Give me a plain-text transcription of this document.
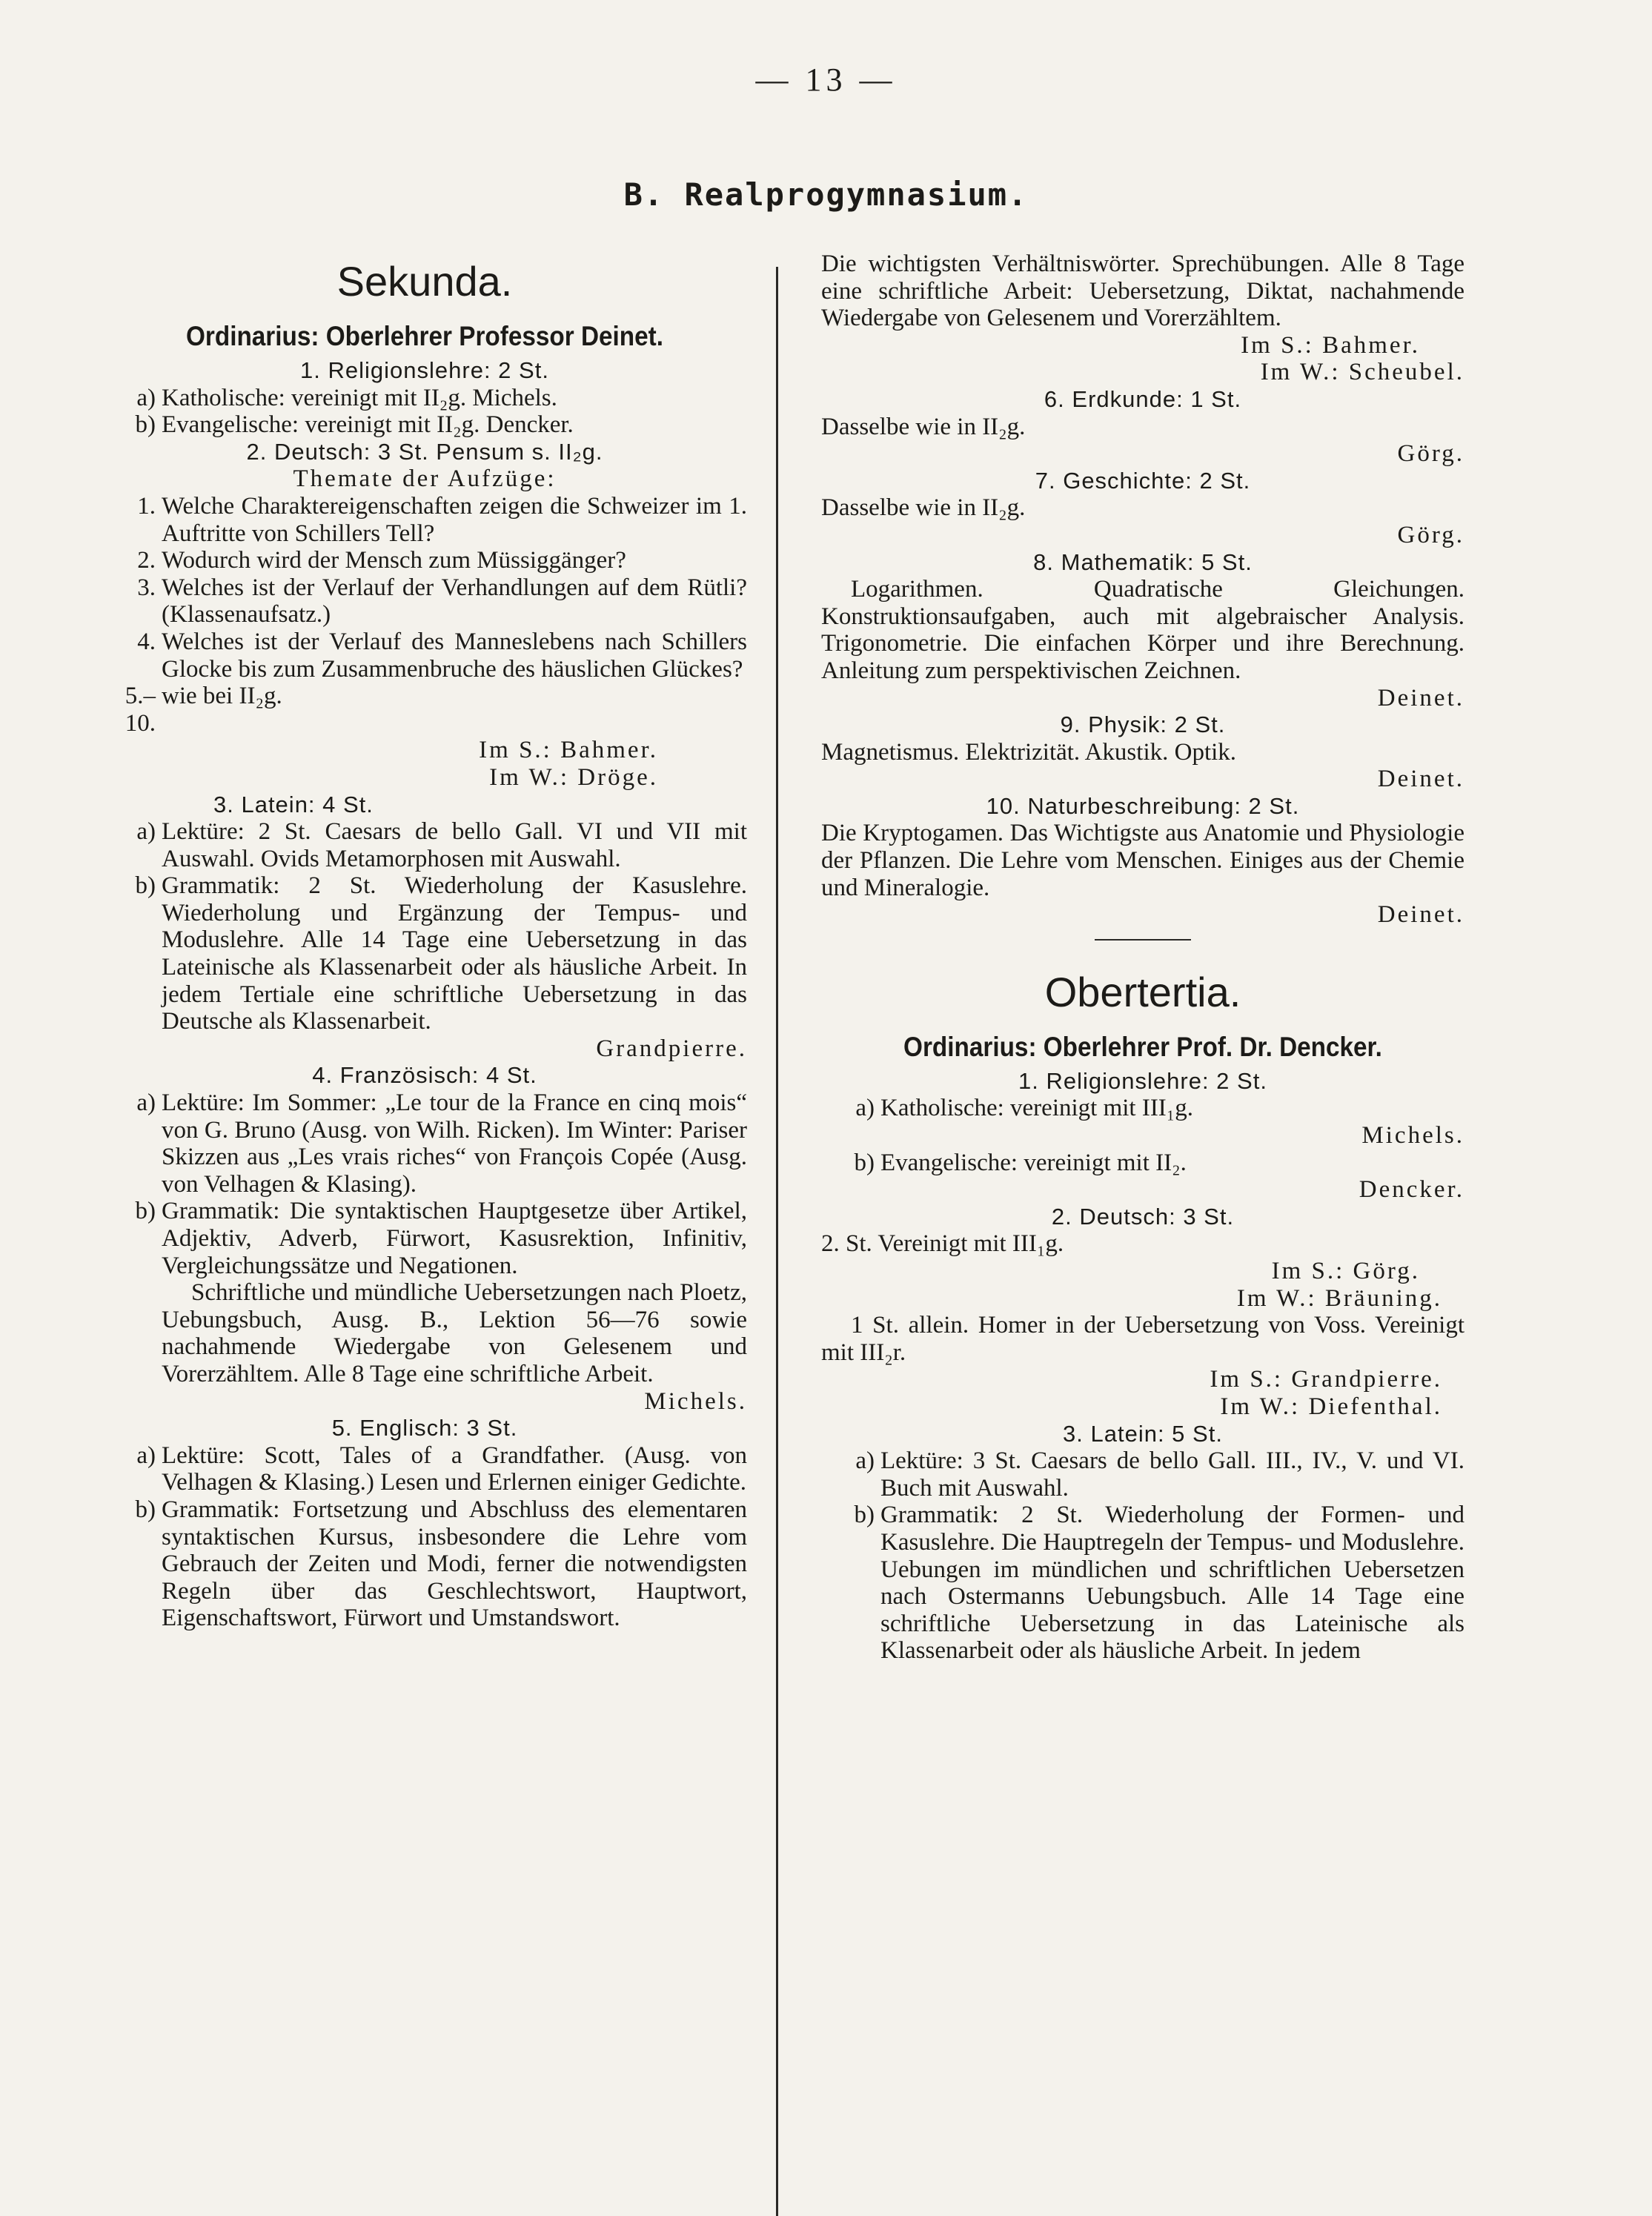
— 13 —
B. Realprogymnasium.
Sekunda.
Ordinarius: Oberlehrer Professor Deinet.
1. Religionslehre: 2 St.
a) Katholische: vereinigt mit II₂g. Michels.
b) Evangelische: vereinigt mit II₂g. Dencker.
2. Deutsch: 3 St. Pensum s. II₂g.
Themate der Aufzüge:
1. Welche Charaktereigenschaften zeigen die Schweizer im 1. Auftritte von Schillers Tell?
2. Wodurch wird der Mensch zum Müssiggänger?
3. Welches ist der Verlauf der Verhandlungen auf dem Rütli? (Klassenaufsatz.)
4. Welches ist der Verlauf des Manneslebens nach Schillers Glocke bis zum Zusammenbruche des häuslichen Glückes?
5.–10.
wie bei II₂g.
Im S.: Bahmer.
Im W.: Dröge.
3. Latein: 4 St.
a) Lektüre: 2 St. Caesars de bello Gall. VI und VII mit Auswahl. Ovids Metamorphosen mit Auswahl.
b) Grammatik: 2 St. Wiederholung der Kasuslehre. Wiederholung und Ergänzung der Tempus- und Moduslehre. Alle 14 Tage eine Uebersetzung in das Lateinische als Klassenarbeit oder als häusliche Arbeit. In jedem Tertiale eine schriftliche Uebersetzung in das Deutsche als Klassenarbeit.
Grandpierre.
4. Französisch: 4 St.
a) Lektüre: Im Sommer: „Le tour de la France en cinq mois“ von G. Bruno (Ausg. von Wilh. Ricken). Im Winter: Pariser Skizzen aus „Les vrais riches“ von François Copée (Ausg. von Velhagen & Klasing).
b) Grammatik: Die syntaktischen Hauptgesetze über Artikel, Adjektiv, Adverb, Fürwort, Kasusrektion, Infinitiv, Vergleichungssätze und Negationen.
Schriftliche und mündliche Uebersetzungen nach Ploetz, Uebungsbuch, Ausg. B., Lektion 56—76 sowie nachahmende Wiedergabe von Gelesenem und Vorerzähltem. Alle 8 Tage eine schriftliche Arbeit.
Michels.
5. Englisch: 3 St.
a) Lektüre: Scott, Tales of a Grandfather. (Ausg. von Velhagen & Klasing.) Lesen und Erlernen einiger Gedichte.
b) Grammatik: Fortsetzung und Abschluss des elementaren syntaktischen Kursus, insbesondere die Lehre vom Gebrauch der Zeiten und Modi, ferner die notwendigsten Regeln über das Geschlechtswort, Hauptwort, Eigenschaftswort, Fürwort und Umstandswort.
Die wichtigsten Verhältniswörter. Sprechübungen. Alle 8 Tage eine schriftliche Arbeit: Uebersetzung, Diktat, nachahmende Wiedergabe von Gelesenem und Vorerzähltem.
Im S.: Bahmer.
Im W.: Scheubel.
6. Erdkunde: 1 St.
Dasselbe wie in II₂g.
Görg.
7. Geschichte: 2 St.
Dasselbe wie in II₂g.
Görg.
8. Mathematik: 5 St.
Logarithmen. Quadratische Gleichungen. Konstruktionsaufgaben, auch mit algebraischer Analysis. Trigonometrie. Die einfachen Körper und ihre Berechnung. Anleitung zum perspektivischen Zeichnen.
Deinet.
9. Physik: 2 St.
Magnetismus. Elektrizität. Akustik. Optik.
Deinet.
10. Naturbeschreibung: 2 St.
Die Kryptogamen. Das Wichtigste aus Anatomie und Physiologie der Pflanzen. Die Lehre vom Menschen. Einiges aus der Chemie und Mineralogie.
Deinet.
Obertertia.
Ordinarius: Oberlehrer Prof. Dr. Dencker.
1. Religionslehre: 2 St.
a) Katholische: vereinigt mit III₁g.
Michels.
b) Evangelische: vereinigt mit II₂.
Dencker.
2. Deutsch: 3 St.
2. St. Vereinigt mit III₁g.
Im S.: Görg.
Im W.: Bräuning.
1 St. allein. Homer in der Uebersetzung von Voss. Vereinigt mit III₂r.
Im S.: Grandpierre.
Im W.: Diefenthal.
3. Latein: 5 St.
a) Lektüre: 3 St. Caesars de bello Gall. III., IV., V. und VI. Buch mit Auswahl.
b) Grammatik: 2 St. Wiederholung der Formen- und Kasuslehre. Die Hauptregeln der Tempus- und Moduslehre. Uebungen im mündlichen und schriftlichen Uebersetzen nach Ostermanns Uebungsbuch. Alle 14 Tage eine schriftliche Uebersetzung in das Lateinische als Klassenarbeit oder als häusliche Arbeit. In jedem
